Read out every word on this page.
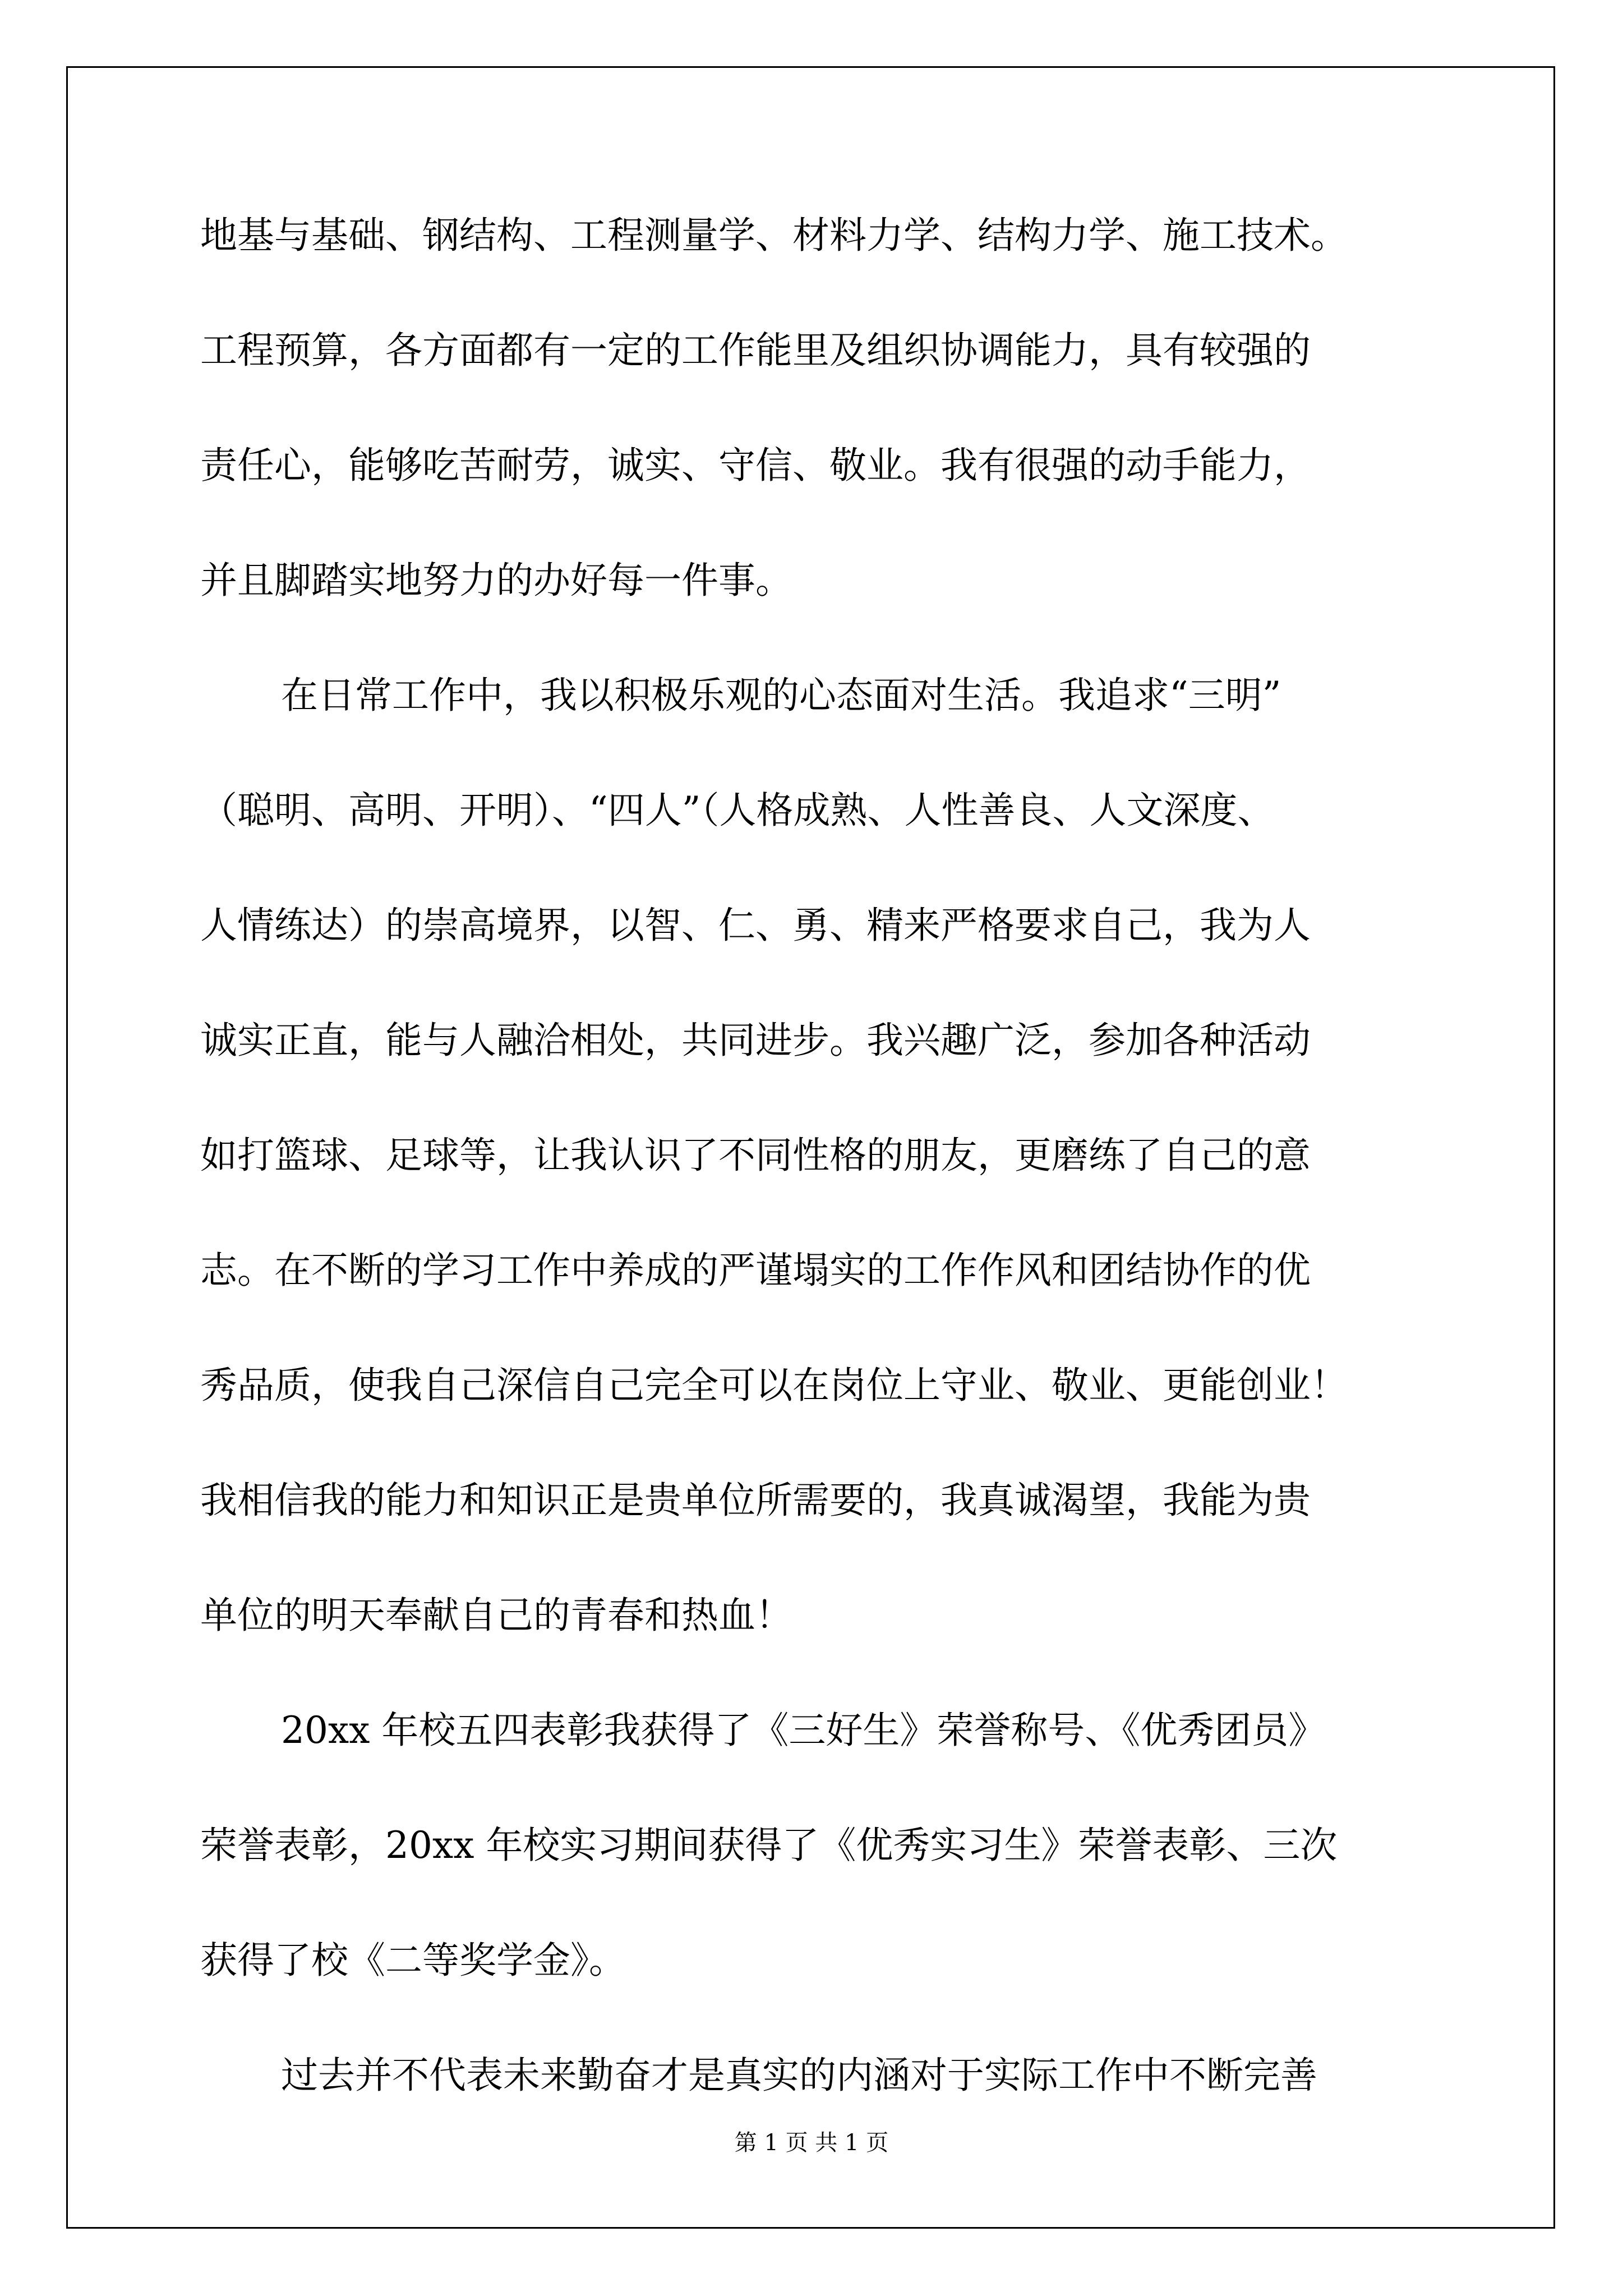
地基与基础、钢结构、工程测量学、材料力学、结构力学、施工技术。
工程预算，各方面都有一定的工作能里及组织协调能力，具有较强的
责任心，能够吃苦耐劳，诚实、守信、敬业。我有很强的动手能力，
并且脚踏实地努力的办好每一件事。
在日常工作中，我以积极乐观的心态面对生活。我追求“三明”
（聪明、高明、开明）、“四人”（人格成熟、人性善良、人文深度、
人情练达）的崇高境界，以智、仁、勇、精来严格要求自己，我为人
诚实正直，能与人融洽相处，共同进步。我兴趣广泛，参加各种活动
如打篮球、足球等，让我认识了不同性格的朋友，更磨练了自己的意
志。在不断的学习工作中养成的严谨塌实的工作作风和团结协作的优
秀品质，使我自己深信自己完全可以在岗位上守业、敬业、更能创业！
我相信我的能力和知识正是贵单位所需要的，我真诚渴望，我能为贵
单位的明天奉献自己的青春和热血！
20xx 年校五四表彰我获得了《三好生》荣誉称号、《优秀团员》
荣誉表彰，20xx 年校实习期间获得了《优秀实习生》荣誉表彰、三次
获得了校《二等奖学金》。
过去并不代表未来勤奋才是真实的内涵对于实际工作中不断完善
第 1 页 共 1 页
